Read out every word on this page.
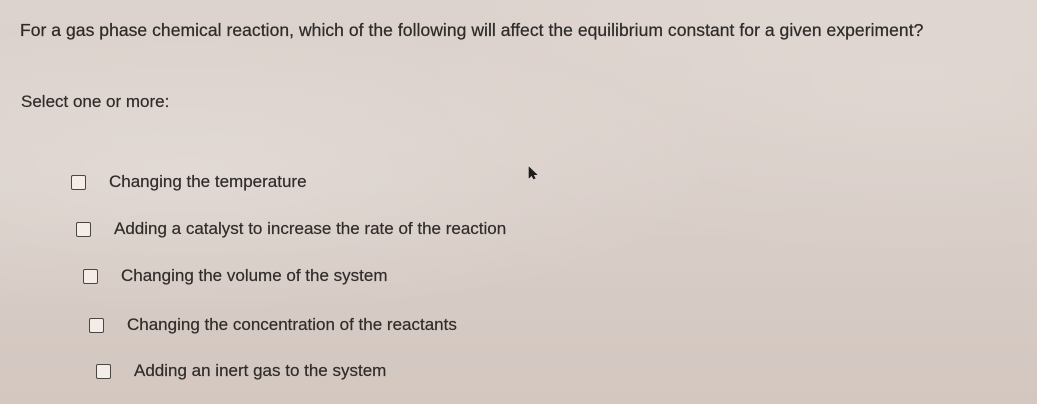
For a gas phase chemical reaction, which of the following will affect the equilibrium constant for a given experiment?

Select one or more:

Changing the temperature
Adding a catalyst to increase the rate of the reaction
Changing the volume of the system
Changing the concentration of the reactants
Adding an inert gas to the system
